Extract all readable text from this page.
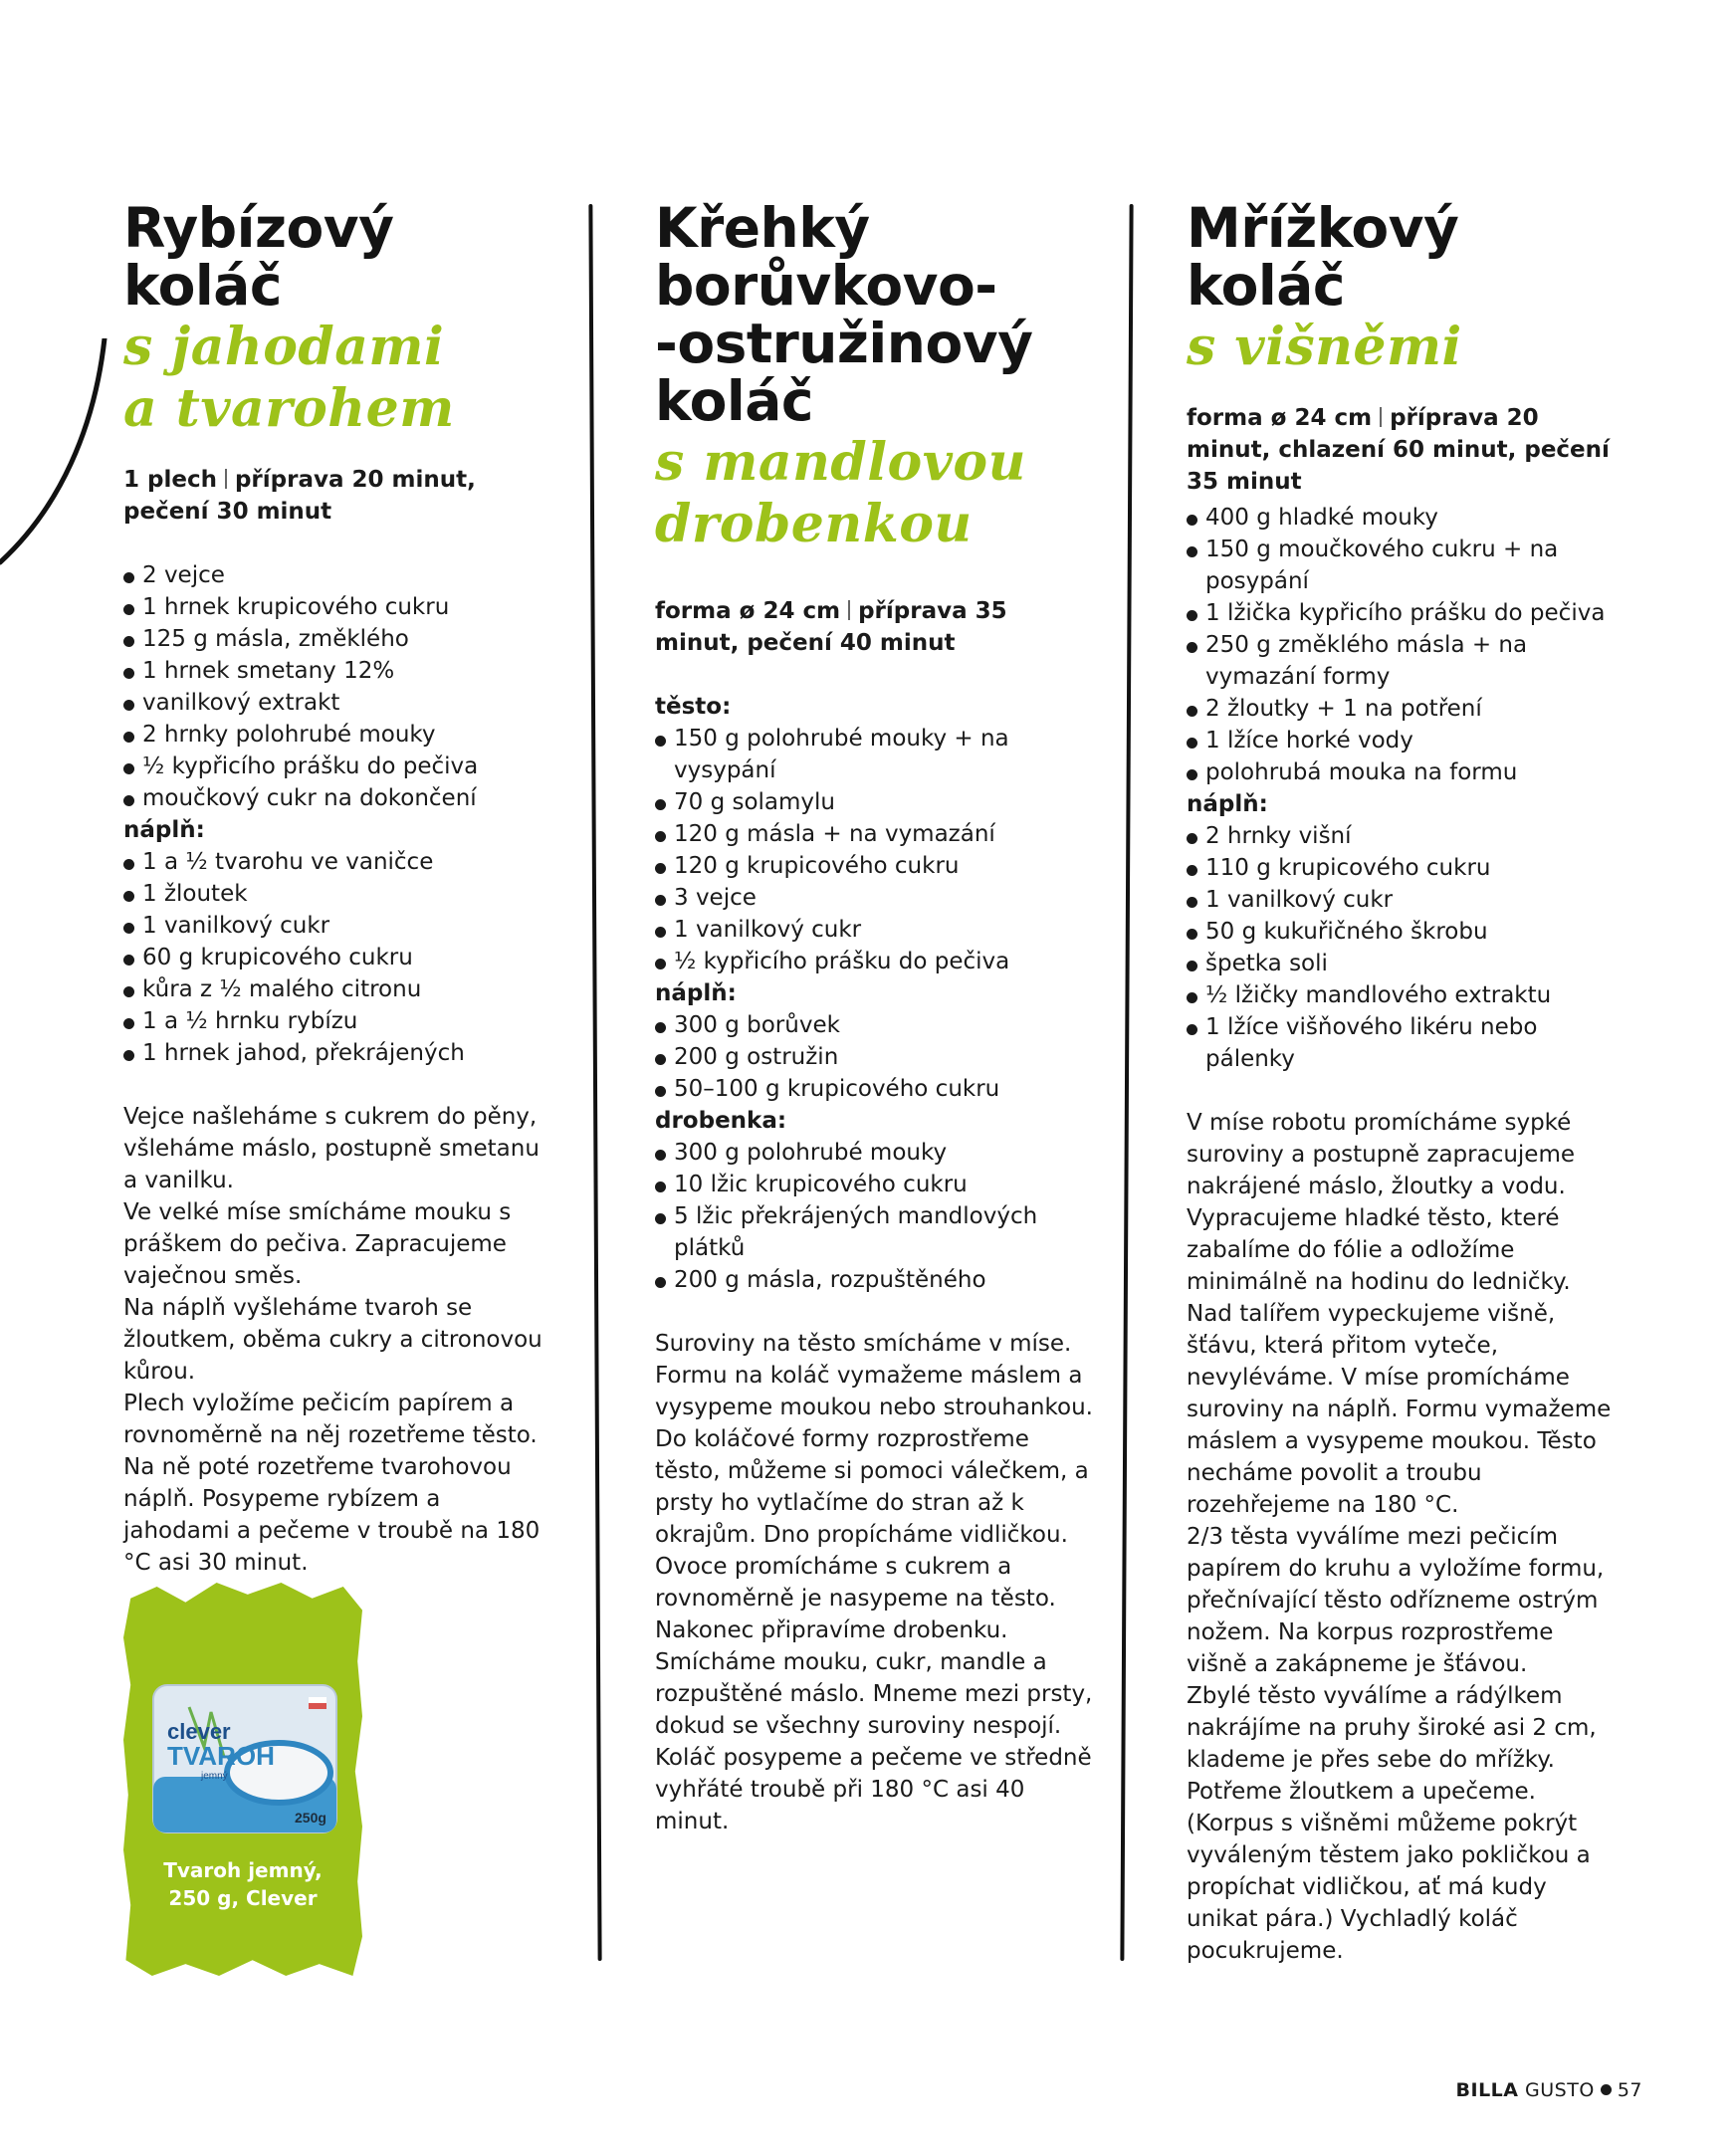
Rybízový koláč
s jahodami
a tvarohem
1 plech příprava 20 minut, pečení 30 minut
2 vejce
1 hrnek krupicového cukru
125 g másla, změklého
1 hrnek smetany 12%
vanilkový extrakt
2 hrnky polohrubé mouky
½ kypřicího prášku do pečiva
moučkový cukr na dokončení
náplň:
1 a ½ tvarohu ve vaničce
1 žloutek
1 vanilkový cukr
60 g krupicového cukru
kůra z ½ malého citronu
1 a ½ hrnku rybízu
1 hrnek jahod, překrájených

Vejce našleháme s cukrem do pěny, všleháme máslo, postupně smetanu a vanilku.

Ve velké míse smícháme mouku s práškem do pečiva. Zapracujeme vaječnou směs.

Na náplň vyšleháme tvaroh se žloutkem, oběma cukry a citronovou kůrou.

Plech vyložíme pečicím papírem a rovnoměrně na něj rozetřeme těsto. Na ně poté rozetřeme tvarohovou náplň. Posypeme rybízem a jahodami a pečeme v troubě na 180 °C asi 30 minut.

Křehký
borůvkovo-
-ostružinový
koláč
s mandlovou
drobenkou
forma ø 24 cm příprava 35 minut, pečení 40 minut
těsto:
150 g polohrubé mouky + na vysypání
70 g solamylu
120 g másla + na vymazání
120 g krupicového cukru
3 vejce
1 vanilkový cukr
½ kypřicího prášku do pečiva
náplň:
300 g borůvek
200 g ostružin
50–100 g krupicového cukru
drobenka:
300 g polohrubé mouky
10 lžic krupicového cukru
5 lžic překrájených mandlových plátků
200 g másla, rozpuštěného

Suroviny na těsto smícháme v míse. Formu na koláč vymažeme máslem a vysypeme moukou nebo strouhankou. Do koláčové formy rozprostřeme těsto, můžeme si pomoci válečkem, a prsty ho vytlačíme do stran až k okrajům. Dno propícháme vidličkou.

Ovoce promícháme s cukrem a rovnoměrně je nasypeme na těsto.

Nakonec připravíme drobenku. Smícháme mouku, cukr, mandle a rozpuštěné máslo. Mneme mezi prsty, dokud se všechny suroviny nespojí. Koláč posypeme a pečeme ve středně vyhřáté troubě při 180 °C asi 40 minut.

Mřížkový koláč
s višněmi
forma ø 24 cm příprava 20 minut, chlazení 60 minut, pečení 35 minut
400 g hladké mouky
150 g moučkového cukru + na posypání
1 lžička kypřicího prášku do pečiva
250 g změklého másla + na vymazání formy
2 žloutky + 1 na potření
1 lžíce horké vody
polohrubá mouka na formu
náplň:
2 hrnky višní
110 g krupicového cukru
1 vanilkový cukr
50 g kukuřičného škrobu
špetka soli
½ lžičky mandlového extraktu
1 lžíce višňového likéru nebo pálenky

V míse robotu promícháme sypké suroviny a postupně zapracujeme nakrájené máslo, žloutky a vodu. Vypracujeme hladké těsto, které zabalíme do fólie a odložíme minimálně na hodinu do ledničky.

Nad talířem vypeckujeme višně, šťávu, která přitom vyteče, nevyléváme. V míse promícháme suroviny na náplň. Formu vymažeme máslem a vysypeme moukou. Těsto necháme povolit a troubu rozehřejeme na 180 °C.

2/3 těsta vyválíme mezi pečicím papírem do kruhu a vyložíme formu, přečnívající těsto odřízneme ostrým nožem. Na korpus rozprostřeme višně a zakápneme je šťávou.

Zbylé těsto vyválíme a rádýlkem nakrájíme na pruhy široké asi 2 cm, klademe je přes sebe do mřížky. Potřeme žloutkem a upečeme. (Korpus s višněmi můžeme pokrýt vyváleným těstem jako pokličkou a propíchat vidličkou, ať má kudy unikat pára.) Vychladlý koláč pocukrujeme.

clever
TVAROH
jemný
250g
Tvaroh jemný,
250 g, Clever
BILLA GUSTO 57
